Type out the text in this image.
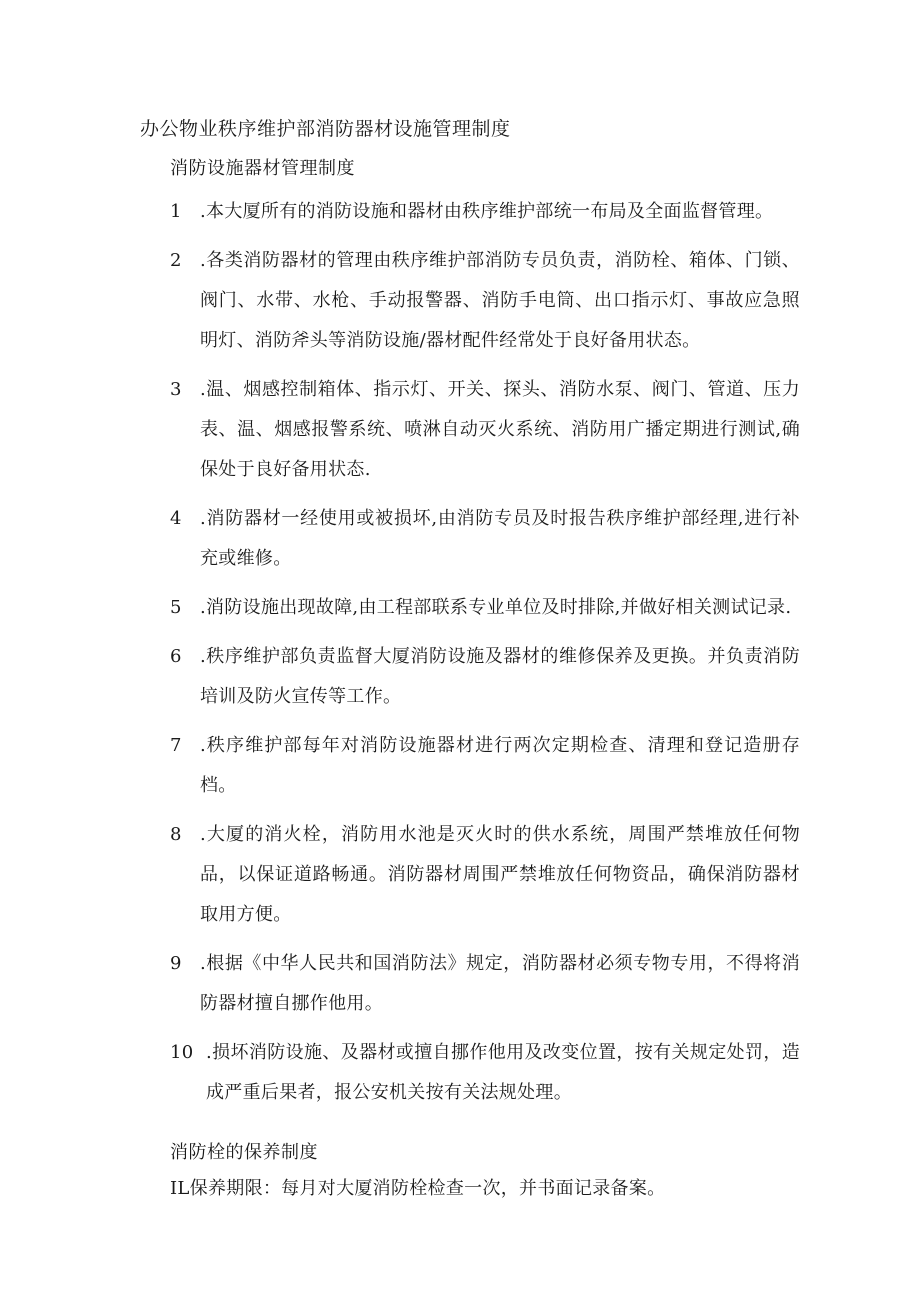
办公物业秩序维护部消防器材设施管理制度
消防设施器材管理制度
1 .本大厦所有的消防设施和器材由秩序维护部统一布局及全面监督管理。
2 .各类消防器材的管理由秩序维护部消防专员负责，消防栓、箱体、门锁、阀门、水带、水枪、手动报警器、消防手电筒、出口指示灯、事故应急照明灯、消防斧头等消防设施/器材配件经常处于良好备用状态。
3 .温、烟感控制箱体、指示灯、开关、探头、消防水泵、阀门、管道、压力表、温、烟感报警系统、喷淋自动灭火系统、消防用广播定期进行测试,确保处于良好备用状态.
4 .消防器材一经使用或被损坏,由消防专员及时报告秩序维护部经理,进行补充或维修。
5 .消防设施出现故障,由工程部联系专业单位及时排除,并做好相关测试记录.
6 .秩序维护部负责监督大厦消防设施及器材的维修保养及更换。并负责消防培训及防火宣传等工作。
7 .秩序维护部每年对消防设施器材进行两次定期检查、清理和登记造册存档。
8 .大厦的消火栓，消防用水池是灭火时的供水系统，周围严禁堆放任何物品，以保证道路畅通。消防器材周围严禁堆放任何物资品，确保消防器材取用方便。
9 .根据《中华人民共和国消防法》规定，消防器材必须专物专用，不得将消防器材擅自挪作他用。
10 .损坏消防设施、及器材或擅自挪作他用及改变位置，按有关规定处罚，造成严重后果者，报公安机关按有关法规处理。
消防栓的保养制度
IL保养期限：每月对大厦消防栓检查一次，并书面记录备案。
